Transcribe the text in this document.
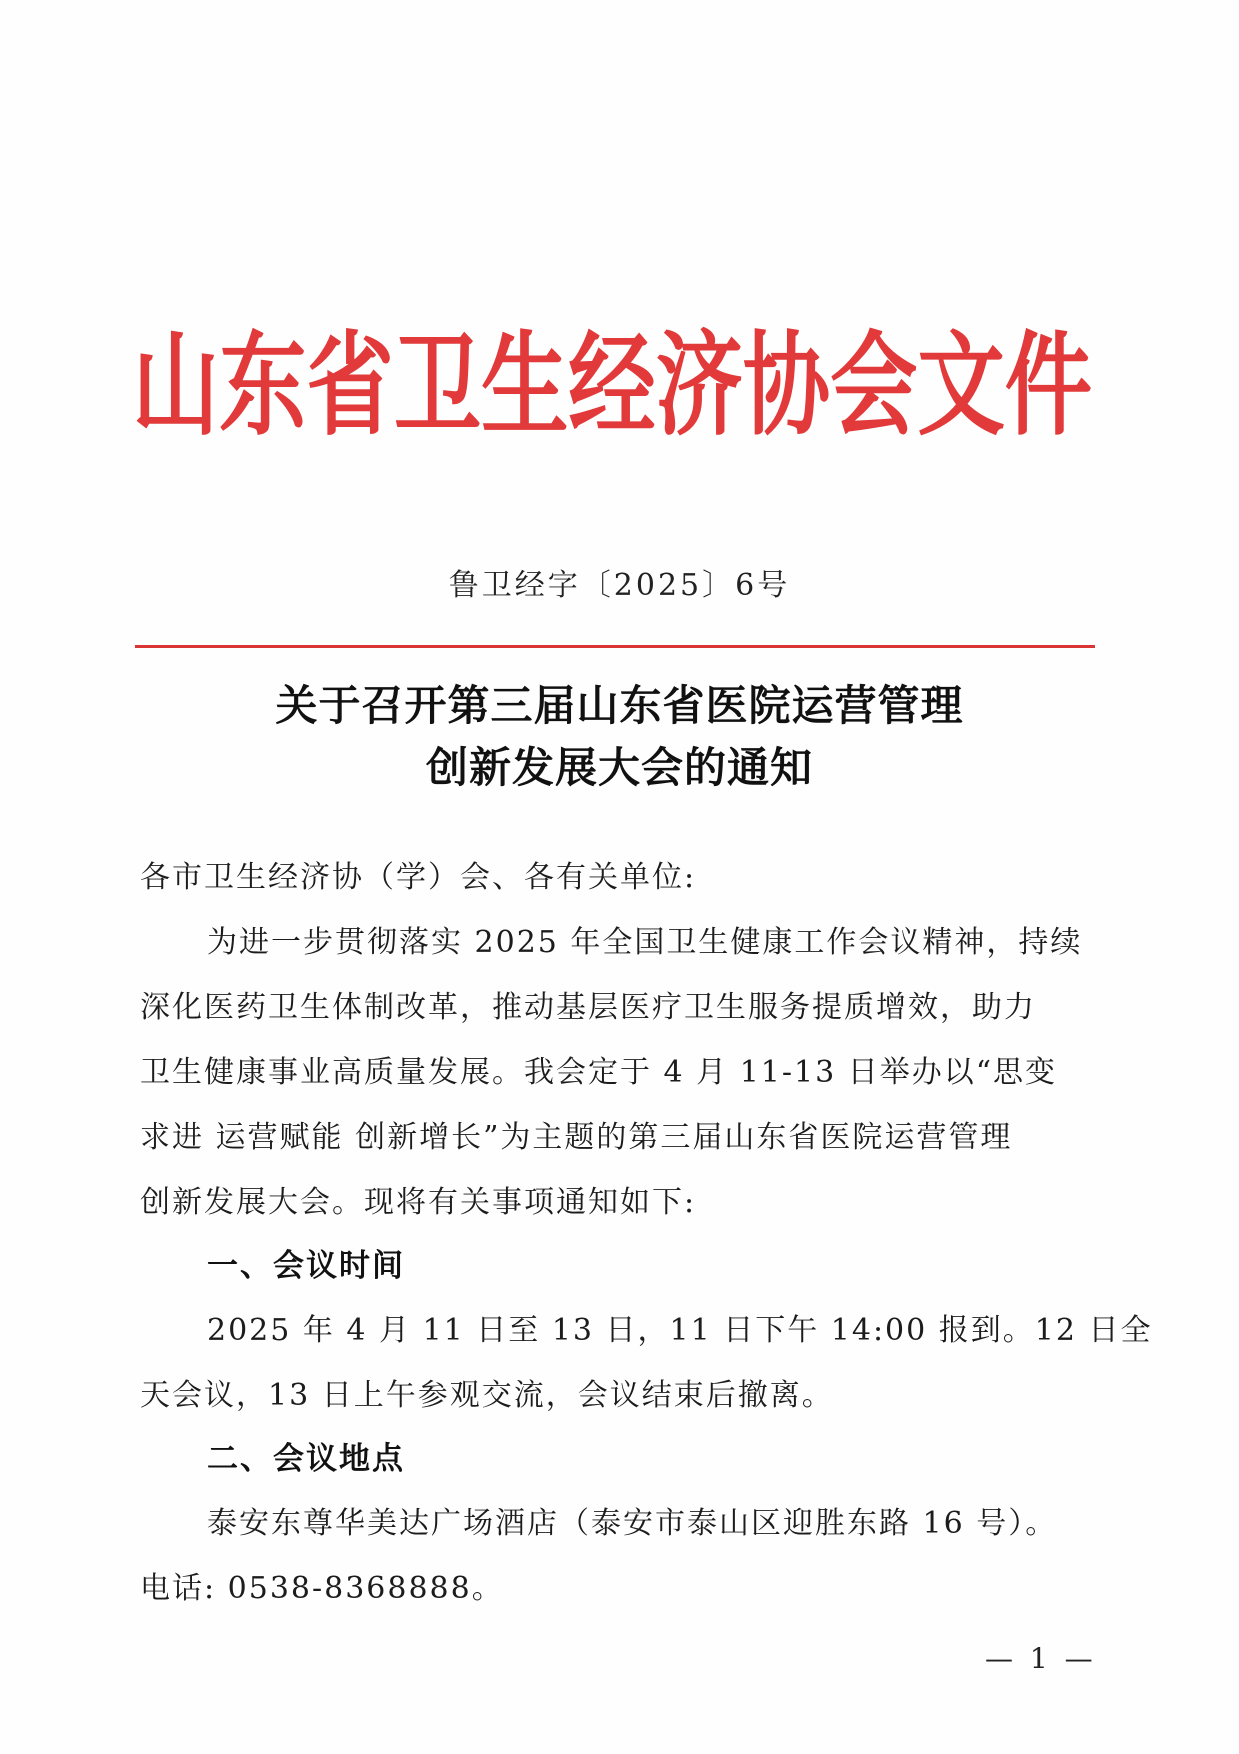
山东省卫生经济协会文件
鲁卫经字〔2025〕6号
关于召开第三届山东省医院运营管理
创新发展大会的通知
各市卫生经济协（学）会、各有关单位:
为进一步贯彻落实 2025 年全国卫生健康工作会议精神，持续
深化医药卫生体制改革，推动基层医疗卫生服务提质增效，助力
卫生健康事业高质量发展。我会定于 4 月 11-13 日举办以“思变
求进 运营赋能 创新增长”为主题的第三届山东省医院运营管理
创新发展大会。现将有关事项通知如下:
一、会议时间
2025 年 4 月 11 日至 13 日，11 日下午 14:00 报到。12 日全
天会议，13 日上午参观交流，会议结束后撤离。
二、会议地点
泰安东尊华美达广场酒店（泰安市泰山区迎胜东路 16 号）。
电话: 0538-8368888。
— 1 —
